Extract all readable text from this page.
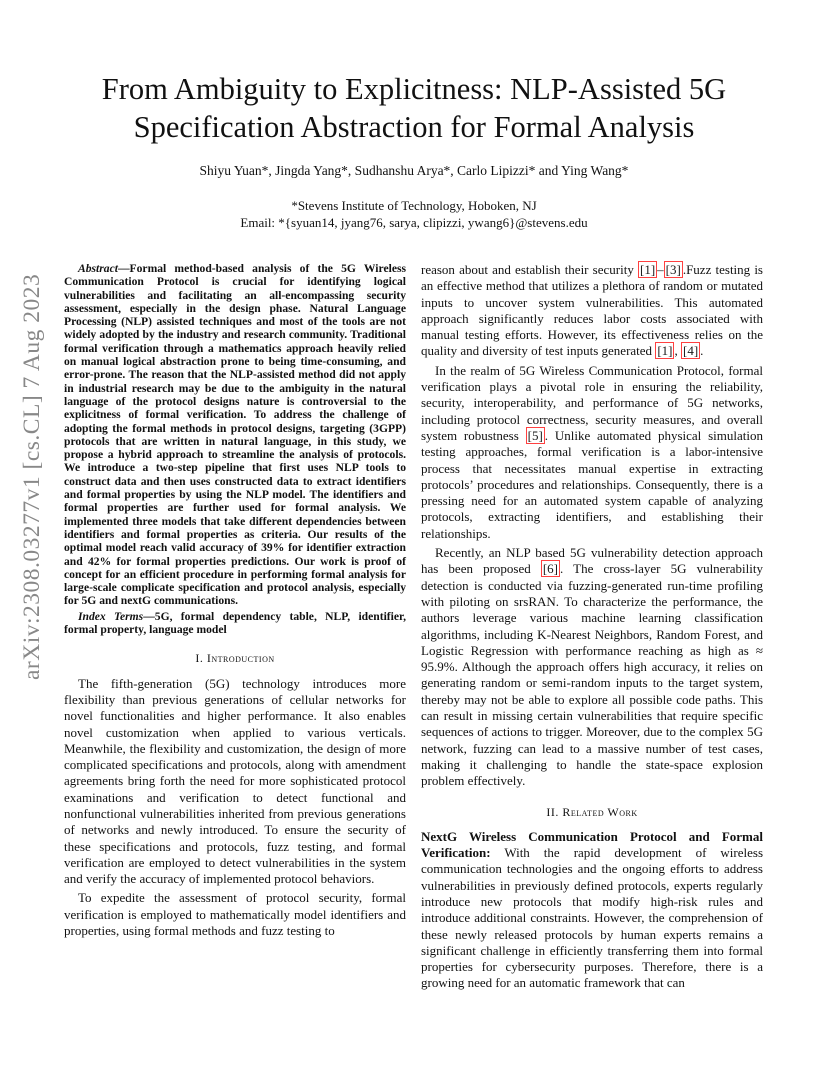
arXiv:2308.03277v1 [cs.CL] 7 Aug 2023
From Ambiguity to Explicitness: NLP-Assisted 5G
Specification Abstraction for Formal Analysis
Shiyu Yuan*, Jingda Yang*, Sudhanshu Arya*, Carlo Lipizzi* and Ying Wang*
*Stevens Institute of Technology, Hoboken, NJ
Email: *{syuan14, jyang76, sarya, clipizzi, ywang6}@stevens.edu

Abstract—Formal method-based analysis of the 5G Wireless Communication Protocol is crucial for identifying logical vulnerabilities and facilitating an all-encompassing security assessment, especially in the design phase. Natural Language Processing (NLP) assisted techniques and most of the tools are not widely adopted by the industry and research community. Traditional formal verification through a mathematics approach heavily relied on manual logical abstraction prone to being time-consuming, and error-prone. The reason that the NLP-assisted method did not apply in industrial research may be due to the ambiguity in the natural language of the protocol designs nature is controversial to the explicitness of formal verification. To address the challenge of adopting the formal methods in protocol designs, targeting (3GPP) protocols that are written in natural language, in this study, we propose a hybrid approach to streamline the analysis of protocols. We introduce a two-step pipeline that first uses NLP tools to construct data and then uses constructed data to extract identifiers and formal properties by using the NLP model. The identifiers and formal properties are further used for formal analysis. We implemented three models that take different dependencies between identifiers and formal properties as criteria. Our results of the optimal model reach valid accuracy of 39% for identifier extraction and 42% for formal properties predictions. Our work is proof of concept for an efficient procedure in performing formal analysis for large-scale complicate specification and protocol analysis, especially for 5G and nextG communications.

Index Terms—5G, formal dependency table, NLP, identifier, formal property, language model

I. Introduction

The fifth-generation (5G) technology introduces more flexibility than previous generations of cellular networks for novel functionalities and higher performance. It also enables novel customization when applied to various verticals. Meanwhile, the flexibility and customization, the design of more complicated specifications and protocols, along with amendment agreements bring forth the need for more sophisticated protocol examinations and verification to detect functional and nonfunctional vulnerabilities inherited from previous generations of networks and newly introduced. To ensure the security of these specifications and protocols, fuzz testing, and formal verification are employed to detect vulnerabilities in the system and verify the accuracy of implemented protocol behaviors.

To expedite the assessment of protocol security, formal verification is employed to mathematically model identifiers and properties, using formal methods and fuzz testing to

reason about and establish their security [1] – [3] .Fuzz testing is an effective method that utilizes a plethora of random or mutated inputs to uncover system vulnerabilities. This automated approach significantly reduces labor costs associated with manual testing efforts. However, its effectiveness relies on the quality and diversity of test inputs generated [1] , [4] .

In the realm of 5G Wireless Communication Protocol, formal verification plays a pivotal role in ensuring the reliability, security, interoperability, and performance of 5G networks, including protocol correctness, security measures, and overall system robustness [5] . Unlike automated physical simulation testing approaches, formal verification is a labor-intensive process that necessitates manual expertise in extracting protocols’ procedures and relationships. Consequently, there is a pressing need for an automated system capable of analyzing protocols, extracting identifiers, and establishing their relationships.

Recently, an NLP based 5G vulnerability detection approach has been proposed [6] . The cross-layer 5G vulnerability detection is conducted via fuzzing-generated run-time profiling with piloting on srsRAN. To characterize the performance, the authors leverage various machine learning classification algorithms, including K-Nearest Neighbors, Random Forest, and Logistic Regression with performance reaching as high as ≈ 95.9%. Although the approach offers high accuracy, it relies on generating random or semi-random inputs to the target system, thereby may not be able to explore all possible code paths. This can result in missing certain vulnerabilities that require specific sequences of actions to trigger. Moreover, due to the complex 5G network, fuzzing can lead to a massive number of test cases, making it challenging to handle the state-space explosion problem effectively.

II. Related Work

NextG Wireless Communication Protocol and Formal Verification: With the rapid development of wireless communication technologies and the ongoing efforts to address vulnerabilities in previously defined protocols, experts regularly introduce new protocols that modify high-risk rules and introduce additional constraints. However, the comprehension of these newly released protocols by human experts remains a significant challenge in efficiently transferring them into formal properties for cybersecurity purposes. Therefore, there is a growing need for an automatic framework that can
